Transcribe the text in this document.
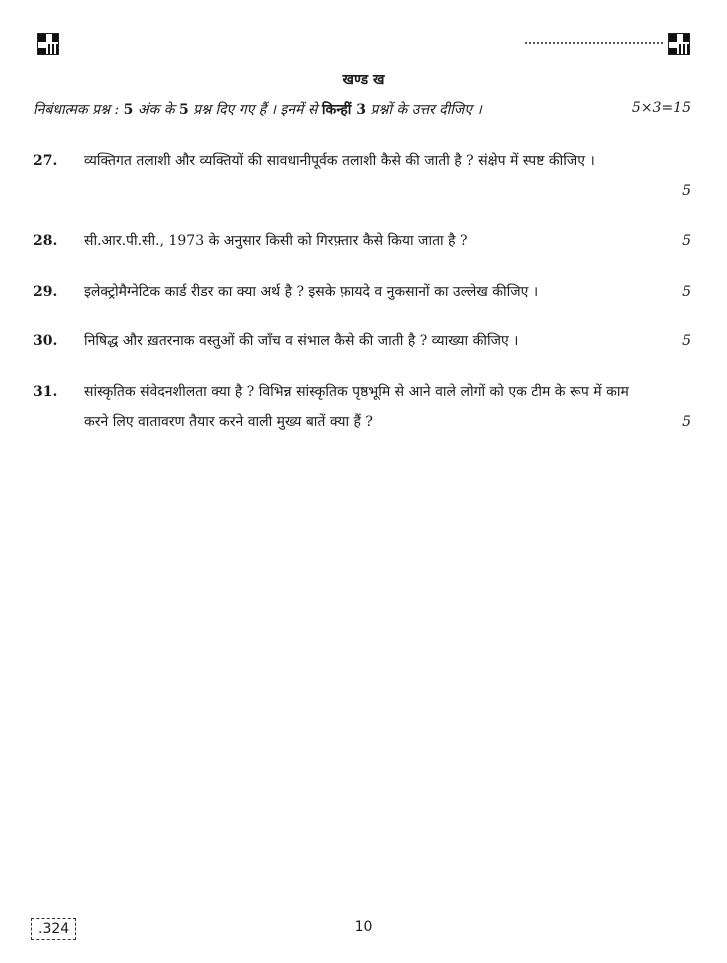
खण्ड ख
निबंधात्मक प्रश्न : 5 अंक के 5 प्रश्न दिए गए हैं । इनमें से किन्हीं 3 प्रश्नों के उत्तर दीजिए ।	5×3=15
27. व्यक्तिगत तलाशी और व्यक्तियों की सावधानीपूर्वक तलाशी कैसे की जाती है ? संक्षेप में स्पष्ट कीजिए ।
5
28. सी.आर.पी.सी., 1973 के अनुसार किसी को गिरफ़्तार कैसे किया जाता है ?	5
29. इलेक्ट्रोमैग्नेटिक कार्ड रीडर का क्या अर्थ है ? इसके फ़ायदे व नुकसानों का उल्लेख कीजिए ।	5
30. निषिद्ध और ख़तरनाक वस्तुओं की जाँच व संभाल कैसे की जाती है ? व्याख्या कीजिए ।	5
31. सांस्कृतिक संवेदनशीलता क्या है ? विभिन्न सांस्कृतिक पृष्ठभूमि से आने वाले लोगों को एक टीम के रूप में काम करने लिए वातावरण तैयार करने वाली मुख्य बातें क्या हैं ?	5
.324	10
